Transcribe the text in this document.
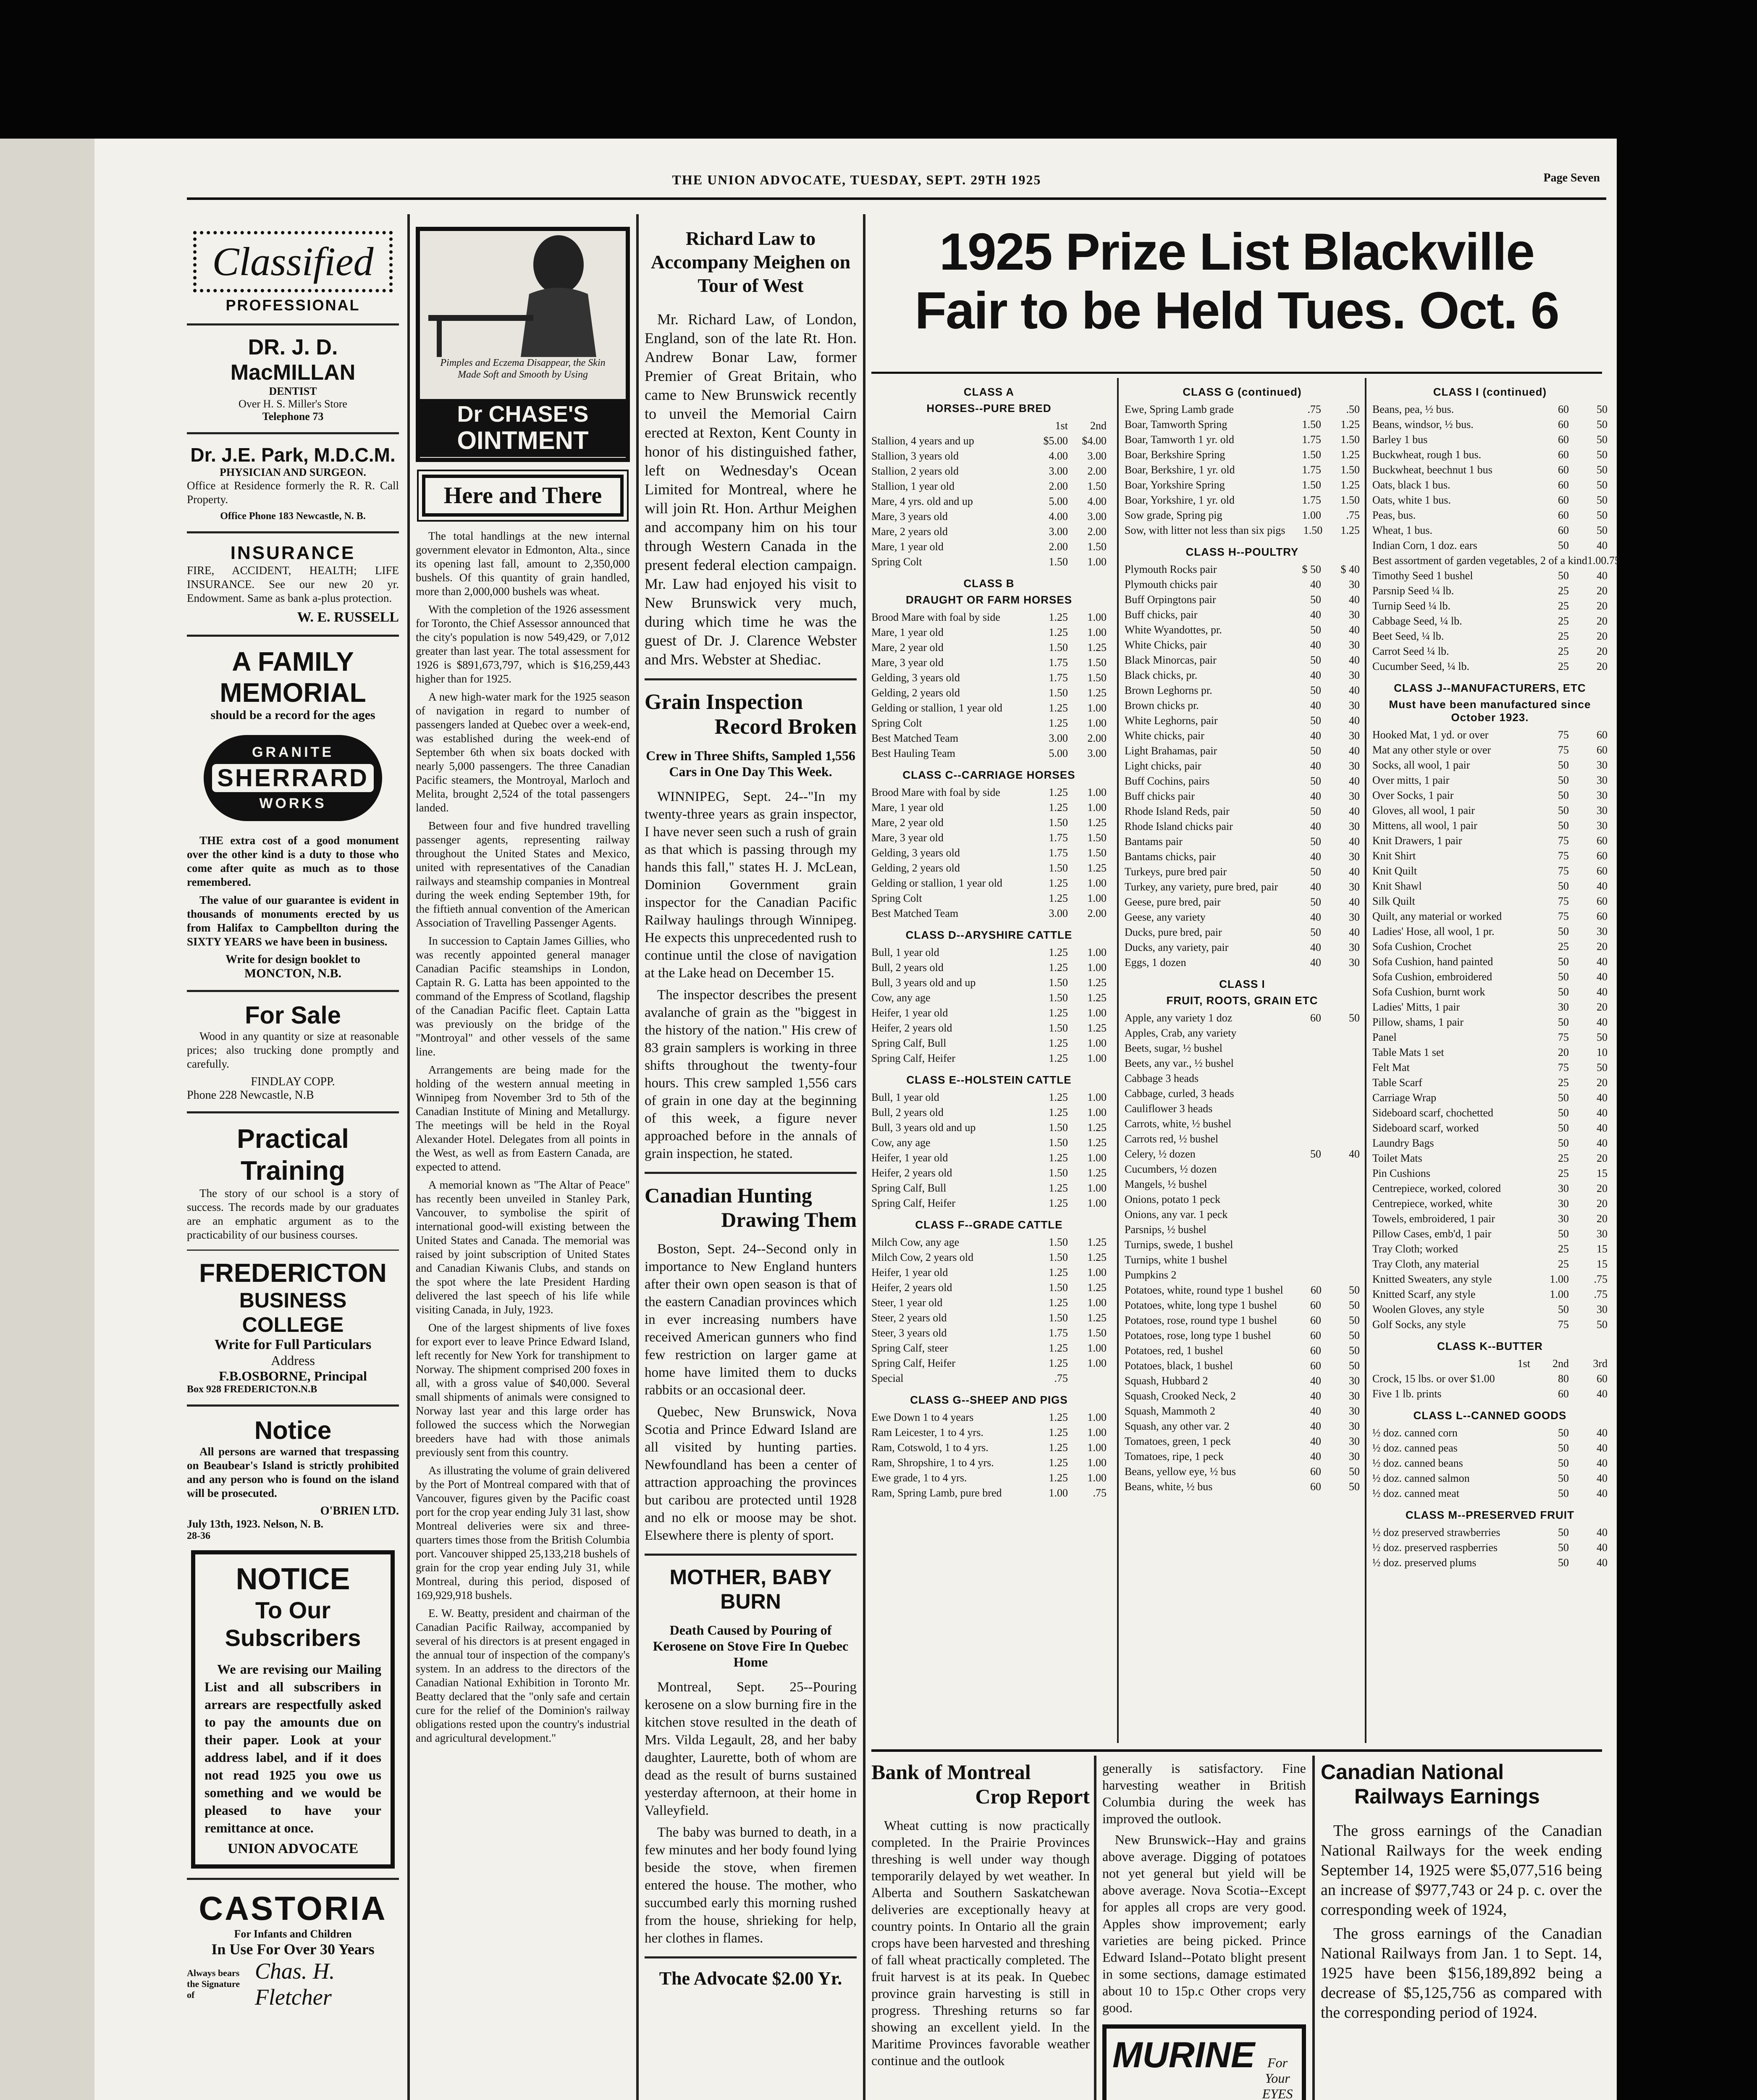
THE UNION ADVOCATE, TUESDAY, SEPT. 29TH 1925	Page Seven
Classified
PROFESSIONAL
DR. J. D. MacMILLAN
DENTIST
Over H. S. Miller's Store
Telephone 73
Dr. J.E. Park, M.D.C.M.
PHYSICIAN AND SURGEON.
Office at Residence formerly the R. R. Call Property.
Office Phone 183 Newcastle, N. B.
INSURANCE
FIRE, ACCIDENT, HEALTH; LIFE INSURANCE. See our new 20 yr. Endowment. Same as bank a-plus protection.
W. E. RUSSELL
A FAMILY
MEMORIAL
should be a record for the ages
GRANITE
SHERRARD
WORKS
THE extra cost of a good monument over the other kind is a duty to those who come after quite as much as to those remembered.
The value of our guarantee is evident in thousands of monuments erected by us from Halifax to Campbellton during the SIXTY YEARS we have been in business.
Write for design booklet to
MONCTON, N.B.
For Sale
Wood in any quantity or size at reasonable prices; also trucking done promptly and carefully.
FINDLAY COPP.
Phone 228 Newcastle, N.B
Practical Training
The story of our school is a story of success. The records made by our graduates are an emphatic argument as to the practicability of our business courses.
FREDERICTON
BUSINESS COLLEGE
Write for Full Particulars
Address
F.B.OSBORNE, Principal
Box 928 FREDERICTON.N.B
Notice
All persons are warned that trespassing on Beaubear's Island is strictly prohibited and any person who is found on the island will be prosecuted.
O'BRIEN LTD.
July 13th, 1923. Nelson, N. B.
28-36
NOTICE
To Our Subscribers
We are revising our Mailing List and all subscribers in arrears are respectfully asked to pay the amounts due on their paper. Look at your address label, and if it does not read 1925 you owe us something and we would be pleased to have your remittance at once.
UNION ADVOCATE
CASTORIA
For Infants and Children
In Use For Over 30 Years
Always bears the Signature of
Chas. H. Fletcher
Pimples and Eczema Disappear, the Skin Made Soft and Smooth by Using
Dr CHASE'S
OINTMENT
Here and There
The total handlings at the new internal government elevator in Edmonton, Alta., since its opening last fall, amount to 2,350,000 bushels. Of this quantity of grain handled, more than 2,000,000 bushels was wheat.
With the completion of the 1926 assessment for Toronto, the Chief Assessor announced that the city's population is now 549,429, or 7,012 greater than last year. The total assessment for 1926 is $891,673,797, which is $16,259,443 higher than for 1925.
A new high-water mark for the 1925 season of navigation in regard to number of passengers landed at Quebec over a week-end, was established during the week-end of September 6th when six boats docked with nearly 5,000 passengers. The three Canadian Pacific steamers, the Montroyal, Marloch and Melita, brought 2,524 of the total passengers landed.
Between four and five hundred travelling passenger agents, representing railway throughout the United States and Mexico, united with representatives of the Canadian railways and steamship companies in Montreal during the week ending September 19th, for the fiftieth annual convention of the American Association of Travelling Passenger Agents.
In succession to Captain James Gillies, who was recently appointed general manager Canadian Pacific steamships in London, Captain R. G. Latta has been appointed to the command of the Empress of Scotland, flagship of the Canadian Pacific fleet. Captain Latta was previously on the bridge of the "Montroyal" and other vessels of the same line.
Arrangements are being made for the holding of the western annual meeting in Winnipeg from November 3rd to 5th of the Canadian Institute of Mining and Metallurgy. The meetings will be held in the Royal Alexander Hotel. Delegates from all points in the West, as well as from Eastern Canada, are expected to attend.
A memorial known as "The Altar of Peace" has recently been unveiled in Stanley Park, Vancouver, to symbolise the spirit of international good-will existing between the United States and Canada. The memorial was raised by joint subscription of United States and Canadian Kiwanis Clubs, and stands on the spot where the late President Harding delivered the last speech of his life while visiting Canada, in July, 1923.
One of the largest shipments of live foxes for export ever to leave Prince Edward Island, left recently for New York for transhipment to Norway. The shipment comprised 200 foxes in all, with a gross value of $40,000. Several small shipments of animals were consigned to Norway last year and this large order has followed the success which the Norwegian breeders have had with those animals previously sent from this country.
As illustrating the volume of grain delivered by the Port of Montreal compared with that of Vancouver, figures given by the Pacific coast port for the crop year ending July 31 last, show Montreal deliveries were six and three-quarters times those from the British Columbia port. Vancouver shipped 25,133,218 bushels of grain for the crop year ending July 31, while Montreal, during this period, disposed of 169,929,918 bushels.
E. W. Beatty, president and chairman of the Canadian Pacific Railway, accompanied by several of his directors is at present engaged in the annual tour of inspection of the company's system. In an address to the directors of the Canadian National Exhibition in Toronto Mr. Beatty declared that the "only safe and certain cure for the relief of the Dominion's railway obligations rested upon the country's industrial and agricultural development."
Richard Law to Accompany Meighen on Tour of West
Mr. Richard Law, of London, England, son of the late Rt. Hon. Andrew Bonar Law, former Premier of Great Britain, who came to New Brunswick recently to unveil the Memorial Cairn erected at Rexton, Kent County in honor of his distinguished father, left on Wednesday's Ocean Limited for Montreal, where he will join Rt. Hon. Arthur Meighen and accompany him on his tour through Western Canada in the present federal election campaign. Mr. Law had enjoyed his visit to New Brunswick very much, during which time he was the guest of Dr. J. Clarence Webster and Mrs. Webster at Shediac.
Grain Inspection
Record Broken
Crew in Three Shifts, Sampled 1,556 Cars in One Day This Week.
WINNIPEG, Sept. 24--"In my twenty-three years as grain inspector, I have never seen such a rush of grain as that which is passing through my hands this fall," states H. J. McLean, Dominion Government grain inspector for the Canadian Pacific Railway haulings through Winnipeg. He expects this unprecedented rush to continue until the close of navigation at the Lake head on December 15.
The inspector describes the present avalanche of grain as the "biggest in the history of the nation." His crew of 83 grain samplers is working in three shifts throughout the twenty-four hours. This crew sampled 1,556 cars of grain in one day at the beginning of this week, a figure never approached before in the annals of grain inspection, he stated.
Canadian Hunting
Drawing Them
Boston, Sept. 24--Second only in importance to New England hunters after their own open season is that of the eastern Canadian provinces which in ever increasing numbers have received American gunners who find few restriction on larger game at home have limited them to ducks rabbits or an occasional deer.
Quebec, New Brunswick, Nova Scotia and Prince Edward Island are all visited by hunting parties. Newfoundland has been a center of attraction approaching the provinces but caribou are protected until 1928 and no elk or moose may be shot. Elsewhere there is plenty of sport.
MOTHER, BABY BURN
Death Caused by Pouring of Kerosene on Stove Fire In Quebec Home
Montreal, Sept. 25--Pouring kerosene on a slow burning fire in the kitchen stove resulted in the death of Mrs. Vilda Legault, 28, and her baby daughter, Laurette, both of whom are dead as the result of burns sustained yesterday afternoon, at their home in Valleyfield.
The baby was burned to death, in a few minutes and her body found lying beside the stove, when firemen entered the house. The mother, who succumbed early this morning rushed from the house, shrieking for help, her clothes in flames.
The Advocate $2.00 Yr.
1925 Prize List Blackville
Fair to be Held Tues. Oct. 6
CLASS A
HORSES--PURE BRED
1st	2nd
Stallion, 4 years and up	$5.00	$4.00
Stallion, 3 years old	4.00	3.00
Stallion, 2 years old	3.00	2.00
Stallion, 1 year old	2.00	1.50
Mare, 4 yrs. old and up	5.00	4.00
Mare, 3 years old	4.00	3.00
Mare, 2 years old	3.00	2.00
Mare, 1 year old	2.00	1.50
Spring Colt	1.50	1.00
CLASS B
DRAUGHT OR FARM HORSES
Brood Mare with foal by side	1.25	1.00
Mare, 1 year old	1.25	1.00
Mare, 2 year old	1.50	1.25
Mare, 3 year old	1.75	1.50
Gelding, 3 years old	1.75	1.50
Gelding, 2 years old	1.50	1.25
Gelding or stallion, 1 year old	1.25	1.00
Spring Colt	1.25	1.00
Best Matched Team	3.00	2.00
Best Hauling Team	5.00	3.00
CLASS C--CARRIAGE HORSES
Brood Mare with foal by side	1.25	1.00
Mare, 1 year old	1.25	1.00
Mare, 2 year old	1.50	1.25
Mare, 3 year old	1.75	1.50
Gelding, 3 years old	1.75	1.50
Gelding, 2 years old	1.50	1.25
Gelding or stallion, 1 year old	1.25	1.00
Spring Colt	1.25	1.00
Best Matched Team	3.00	2.00
CLASS D--ARYSHIRE CATTLE
Bull, 1 year old	1.25	1.00
Bull, 2 years old	1.25	1.00
Bull, 3 years old and up	1.50	1.25
Cow, any age	1.50	1.25
Heifer, 1 year old	1.25	1.00
Heifer, 2 years old	1.50	1.25
Spring Calf, Bull	1.25	1.00
Spring Calf, Heifer	1.25	1.00
CLASS E--HOLSTEIN CATTLE
Bull, 1 year old	1.25	1.00
Bull, 2 years old	1.25	1.00
Bull, 3 years old and up	1.50	1.25
Cow, any age	1.50	1.25
Heifer, 1 year old	1.25	1.00
Heifer, 2 years old	1.50	1.25
Spring Calf, Bull	1.25	1.00
Spring Calf, Heifer	1.25	1.00
CLASS F--GRADE CATTLE
Milch Cow, any age	1.50	1.25
Milch Cow, 2 years old	1.50	1.25
Heifer, 1 year old	1.25	1.00
Heifer, 2 years old	1.50	1.25
Steer, 1 year old	1.25	1.00
Steer, 2 years old	1.50	1.25
Steer, 3 years old	1.75	1.50
Spring Calf, steer	1.25	1.00
Spring Calf, Heifer	1.25	1.00
Special	.75
CLASS G--SHEEP AND PIGS
Ewe Down 1 to 4 years	1.25	1.00
Ram Leicester, 1 to 4 yrs.	1.25	1.00
Ram, Cotswold, 1 to 4 yrs.	1.25	1.00
Ram, Shropshire, 1 to 4 yrs.	1.25	1.00
Ewe grade, 1 to 4 yrs.	1.25	1.00
Ram, Spring Lamb, pure bred	1.00	.75
CLASS G (continued)
Ewe, Spring Lamb grade	.75	.50
Boar, Tamworth Spring	1.50	1.25
Boar, Tamworth 1 yr. old	1.75	1.50
Boar, Berkshire Spring	1.50	1.25
Boar, Berkshire, 1 yr. old	1.75	1.50
Boar, Yorkshire Spring	1.50	1.25
Boar, Yorkshire, 1 yr. old	1.75	1.50
Sow grade, Spring pig	1.00	.75
Sow, with litter not less than six pigs	1.50	1.25
CLASS H--POULTRY
Plymouth Rocks pair	$ 50	$ 40
Plymouth chicks pair	40	30
Buff Orpingtons pair	50	40
Buff chicks, pair	40	30
White Wyandottes, pr.	50	40
White Chicks, pair	40	30
Black Minorcas, pair	50	40
Black chicks, pr.	40	30
Brown Leghorns pr.	50	40
Brown chicks pr.	40	30
White Leghorns, pair	50	40
White chicks, pair	40	30
Light Brahamas, pair	50	40
Light chicks, pair	40	30
Buff Cochins, pairs	50	40
Buff chicks pair	40	30
Rhode Island Reds, pair	50	40
Rhode Island chicks pair	40	30
Bantams pair	50	40
Bantams chicks, pair	40	30
Turkeys, pure bred pair	50	40
Turkey, any variety, pure bred, pair	40	30
Geese, pure bred, pair	50	40
Geese, any variety	40	30
Ducks, pure bred, pair	50	40
Ducks, any variety, pair	40	30
Eggs, 1 dozen	40	30
CLASS I
FRUIT, ROOTS, GRAIN ETC
Apple, any variety 1 doz	60	50
Apples, Crab, any variety
Beets, sugar, ½ bushel
Beets, any var., ½ bushel
Cabbage 3 heads
Cabbage, curled, 3 heads
Cauliflower 3 heads
Carrots, white, ½ bushel
Carrots red, ½ bushel
Celery, ½ dozen	50	40
Cucumbers, ½ dozen
Mangels, ½ bushel
Onions, potato 1 peck
Onions, any var. 1 peck
Parsnips, ½ bushel
Turnips, swede, 1 bushel
Turnips, white 1 bushel
Pumpkins 2
Potatoes, white, round type 1 bushel	60	50
Potatoes, white, long type 1 bushel	60	50
Potatoes, rose, round type 1 bushel	60	50
Potatoes, rose, long type 1 bushel	60	50
Potatoes, red, 1 bushel	60	50
Potatoes, black, 1 bushel	60	50
Squash, Hubbard 2	40	30
Squash, Crooked Neck, 2	40	30
Squash, Mammoth 2	40	30
Squash, any other var. 2	40	30
Tomatoes, green, 1 peck	40	30
Tomatoes, ripe, 1 peck	40	30
Beans, yellow eye, ½ bus	60	50
Beans, white, ½ bus	60	50
CLASS I (continued)
Beans, pea, ½ bus.	60	50
Beans, windsor, ½ bus.	60	50
Barley 1 bus	60	50
Buckwheat, rough 1 bus.	60	50
Buckwheat, beechnut 1 bus	60	50
Oats, black 1 bus.	60	50
Oats, white 1 bus.	60	50
Peas, bus.	60	50
Wheat, 1 bus.	60	50
Indian Corn, 1 doz. ears	50	40
Best assortment of garden vegetables, 2 of a kind 1.00 .75
Timothy Seed 1 bushel	50	40
Parsnip Seed ¼ lb.	25	20
Turnip Seed ¼ lb.	25	20
Cabbage Seed, ¼ lb.	25	20
Beet Seed, ¼ lb.	25	20
Carrot Seed ¼ lb.	25	20
Cucumber Seed, ¼ lb.	25	20
CLASS J--MANUFACTURERS, ETC
Must have been manufactured since October 1923.
Hooked Mat, 1 yd. or over	75	60
Mat any other style or over	75	60
Socks, all wool, 1 pair	50	30
Over mitts, 1 pair	50	30
Over Socks, 1 pair	50	30
Gloves, all wool, 1 pair	50	30
Mittens, all wool, 1 pair	50	30
Knit Drawers, 1 pair	75	60
Knit Shirt	75	60
Knit Quilt	75	60
Knit Shawl	50	40
Silk Quilt	75	60
Quilt, any material or worked	75	60
Ladies' Hose, all wool, 1 pr.	50	30
Sofa Cushion, Crochet	25	20
Sofa Cushion, hand painted	50	40
Sofa Cushion, embroidered	50	40
Sofa Cushion, burnt work	50	40
Ladies' Mitts, 1 pair	30	20
Pillow, shams, 1 pair	50	40
Panel	75	50
Table Mats 1 set	20	10
Felt Mat	75	50
Table Scarf	25	20
Carriage Wrap	50	40
Sideboard scarf, chochetted	50	40
Sideboard scarf, worked	50	40
Laundry Bags	50	40
Toilet Mats	25	20
Pin Cushions	25	15
Centrepiece, worked, colored	30	20
Centrepiece, worked, white	30	20
Towels, embroidered, 1 pair	30	20
Pillow Cases, emb'd, 1 pair	50	30
Tray Cloth; worked	25	15
Tray Cloth, any material	25	15
Knitted Sweaters, any style	1.00	.75
Knitted Scarf, any style	1.00	.75
Woolen Gloves, any style	50	30
Golf Socks, any style	75	50
CLASS K--BUTTER
1st	2nd	3rd
Crock, 15 lbs. or over $1.00	80	60
Five 1 lb. prints	60	40
CLASS L--CANNED GOODS
½ doz. canned corn	50	40
½ doz. canned peas	50	40
½ doz. canned beans	50	40
½ doz. canned salmon	50	40
½ doz. canned meat	50	40
CLASS M--PRESERVED FRUIT
½ doz preserved strawberries	50	40
½ doz. preserved raspberries	50	40
½ doz. preserved plums	50	40
Bank of Montreal
Crop Report
Wheat cutting is now practically completed. In the Prairie Provinces threshing is well under way though temporarily delayed by wet weather. In Alberta and Southern Saskatchewan deliveries are exceptionally heavy at country points. In Ontario all the grain crops have been harvested and threshing of fall wheat practically completed. The fruit harvest is at its peak. In Quebec province grain harvesting is still in progress. Threshing returns so far showing an excellent yield. In the Maritime Provinces favorable weather continue and the outlook
generally is satisfactory. Fine harvesting weather in British Columbia during the week has improved the outlook.
New Brunswick--Hay and grains above average. Digging of potatoes not yet general but yield will be above average. Nova Scotia--Except for apples all crops are very good. Apples show improvement; early varieties are being picked. Prince Edward Island--Potato blight present in some sections, damage estimated about 10 to 15p.c Other crops very good.
MURINE For Your EYES
Canadian National
Railways Earnings
The gross earnings of the Canadian National Railways for the week ending September 14, 1925 were $5,077,516 being an increase of $977,743 or 24 p. c. over the corresponding week of 1924,
The gross earnings of the Canadian National Railways from Jan. 1 to Sept. 14, 1925 have been $156,189,892 being a decrease of $5,125,756 as compared with the corresponding period of 1924.
